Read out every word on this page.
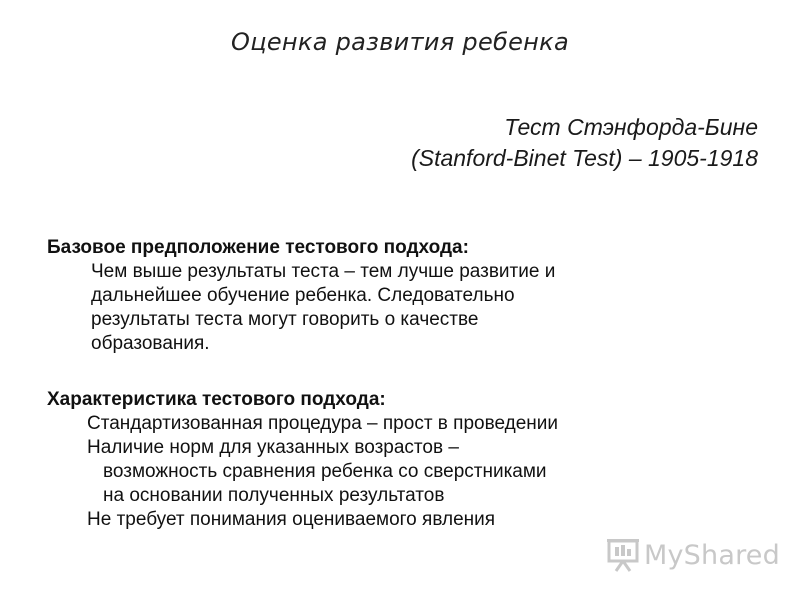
Оценка развития ребенка
Тест Стэнфорда-Бине
(Stanford-Binet Test) – 1905-1918
Базовое предположение тестового подхода:
Чем выше результаты теста – тем лучше развитие и
дальнейшее обучение ребенка. Следовательно
результаты теста могут говорить о качестве
образования.
Характеристика тестового подхода:
Стандартизованная процедура – прост в проведении
Наличие норм для указанных возрастов –
возможность сравнения ребенка со сверстниками
на основании полученных результатов
Не требует понимания оцениваемого явления
MyShared
